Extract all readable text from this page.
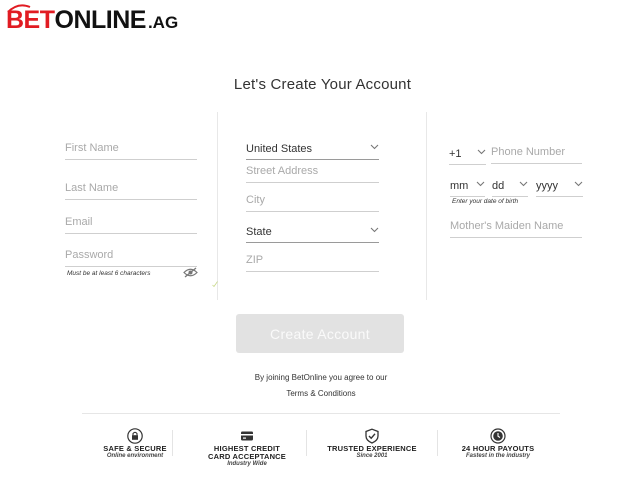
BET ONLINE .AG
Let's Create Your Account
First Name
Last Name
Email
Must be at least 6 characters
United States
Street Address
City
State
ZIP
+1
Phone Number
mm dd	yyyy
Enter your date of birth
Mother's Maiden Name
Create Account
By joining BetOnline you agree to our
Terms & Conditions
SAFE & SECURE
Online environment
HIGHEST CREDIT
CARD ACCEPTANCE
Industry Wide
TRUSTED EXPERIENCE
Since 2001
24 HOUR PAYOUTS
Fastest in the industry
